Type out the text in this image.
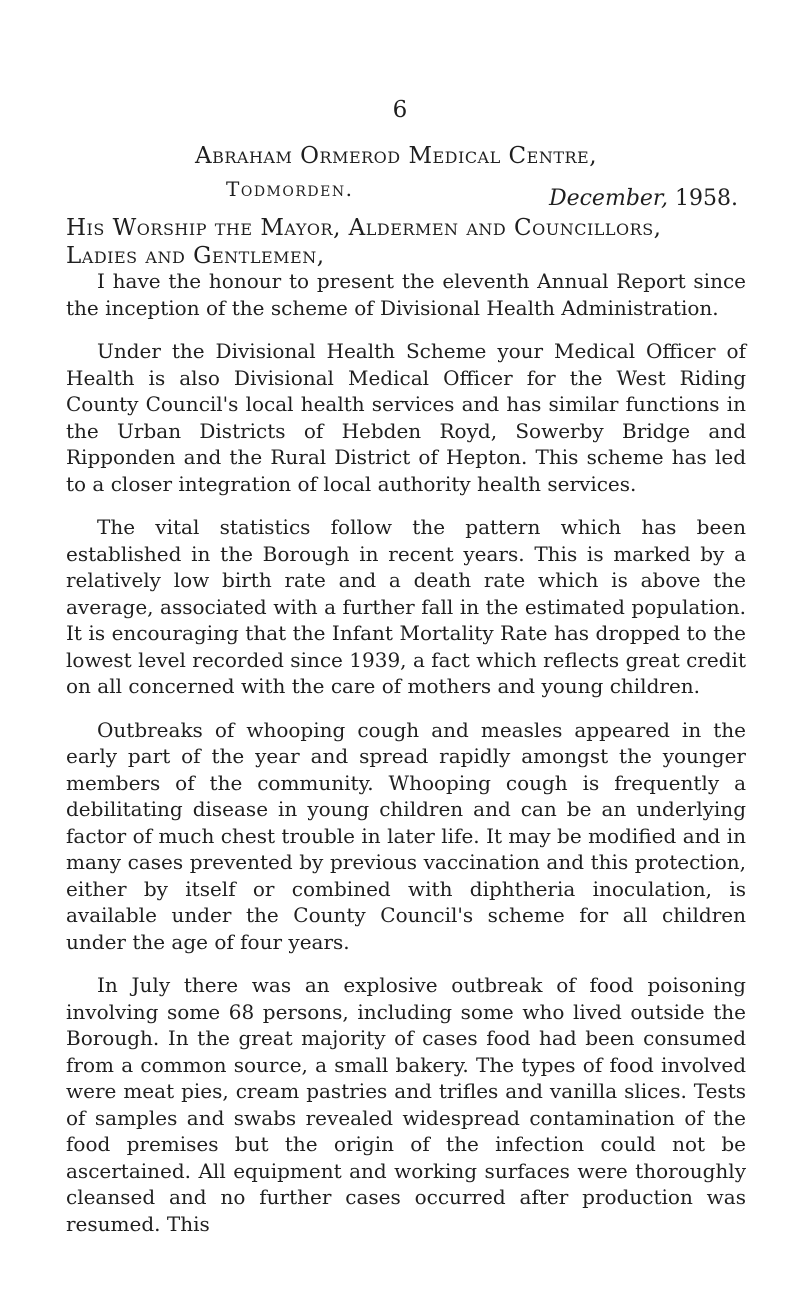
6
Abraham Ormerod Medical Centre,
Todmorden.	December, 1958.
His Worship the Mayor, Aldermen and Councillors,
Ladies and Gentlemen,

I have the honour to present the eleventh Annual Report since the inception of the scheme of Divisional Health Administration.

Under the Divisional Health Scheme your Medical Officer of Health is also Divisional Medical Officer for the West Riding County Council's local health services and has similar functions in the Urban Districts of Hebden Royd, Sowerby Bridge and Ripponden and the Rural District of Hepton. This scheme has led to a closer integration of local authority health services.

The vital statistics follow the pattern which has been established in the Borough in recent years. This is marked by a relatively low birth rate and a death rate which is above the average, associated with a further fall in the estimated population. It is encouraging that the Infant Mortality Rate has dropped to the lowest level recorded since 1939, a fact which reflects great credit on all concerned with the care of mothers and young children.

Outbreaks of whooping cough and measles appeared in the early part of the year and spread rapidly amongst the younger members of the community. Whooping cough is frequently a debilitating disease in young children and can be an underlying factor of much chest trouble in later life. It may be modified and in many cases prevented by previous vaccination and this protection, either by itself or combined with diphtheria inoculation, is available under the County Council's scheme for all children under the age of four years.

In July there was an explosive outbreak of food poisoning involving some 68 persons, including some who lived outside the Borough. In the great majority of cases food had been consumed from a common source, a small bakery. The types of food involved were meat pies, cream pastries and trifles and vanilla slices. Tests of samples and swabs revealed widespread contamination of the food premises but the origin of the infection could not be ascertained. All equipment and working surfaces were thoroughly cleansed and no further cases occurred after production was resumed. This
